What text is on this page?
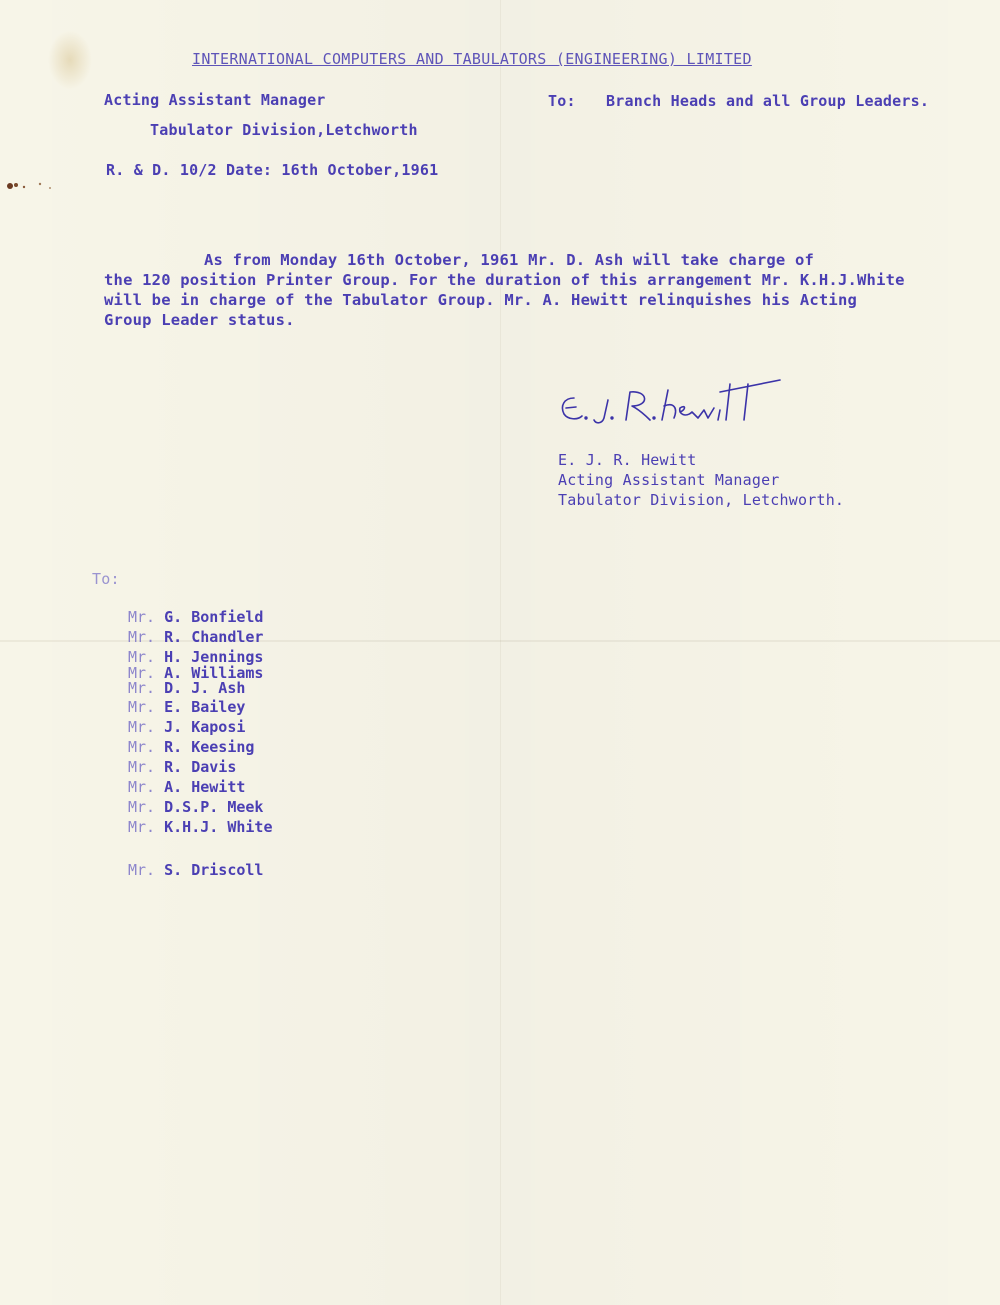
INTERNATIONAL COMPUTERS AND TABULATORS (ENGINEERING) LIMITED
Acting Assistant Manager
Tabulator Division,Letchworth
R. & D. 10/2 Date: 16th October,1961
To: Branch Heads and all Group Leaders.
As from Monday 16th October, 1961 Mr. D. Ash will take charge of
the 120 position Printer Group. For the duration of this arrangement Mr. K.H.J.White
will be in charge of the Tabulator Group. Mr. A. Hewitt relinquishes his Acting
Group Leader status.
E. J. R. Hewitt
Acting Assistant Manager
Tabulator Division, Letchworth.
To:
Mr. G. Bonfield
Mr. R. Chandler
Mr. H. Jennings
Mr. A. Williams
Mr. D. J. Ash
Mr. E. Bailey
Mr. J. Kaposi
Mr. R. Keesing
Mr. R. Davis
Mr. A. Hewitt
Mr. D.S.P. Meek
Mr. K.H.J. White
Mr. S. Driscoll
